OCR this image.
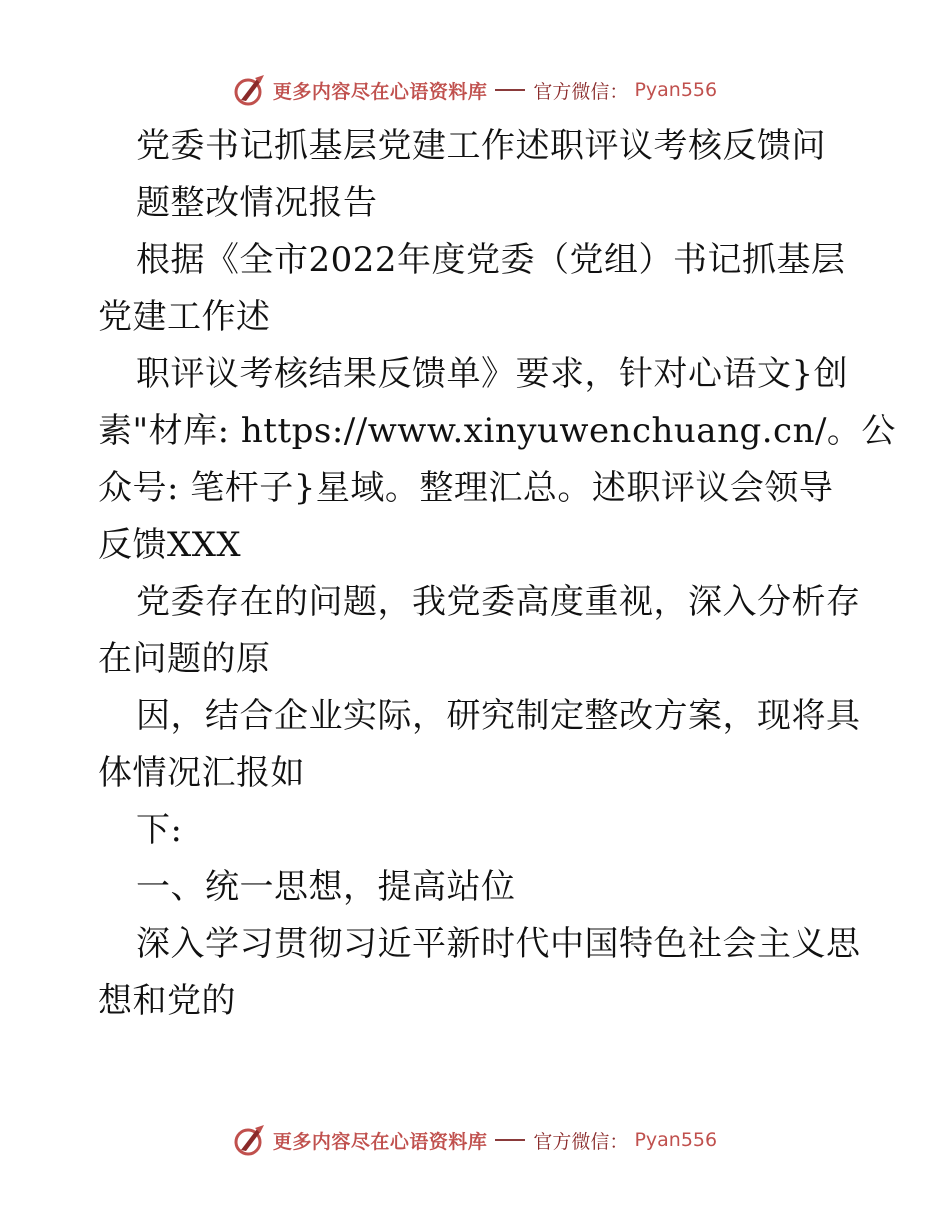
更多内容尽在心语资料库 官方微信： Pyan556
党委书记抓基层党建工作述职评议考核反馈问
题整改情况报告
根据《全市2022年度党委（党组）书记抓基层
党建工作述
职评议考核结果反馈单》要求，针对心语文}创
素"材库: https://www.xinyuwenchuang.cn/。公
众号: 笔杆子}星域。整理汇总。述职评议会领导
反馈XXX
党委存在的问题，我党委高度重视，深入分析存
在问题的原
因，结合企业实际，研究制定整改方案，现将具
体情况汇报如
下:
一、统一思想，提高站位
深入学习贯彻习近平新时代中国特色社会主义思
想和党的
更多内容尽在心语资料库 官方微信： Pyan556
